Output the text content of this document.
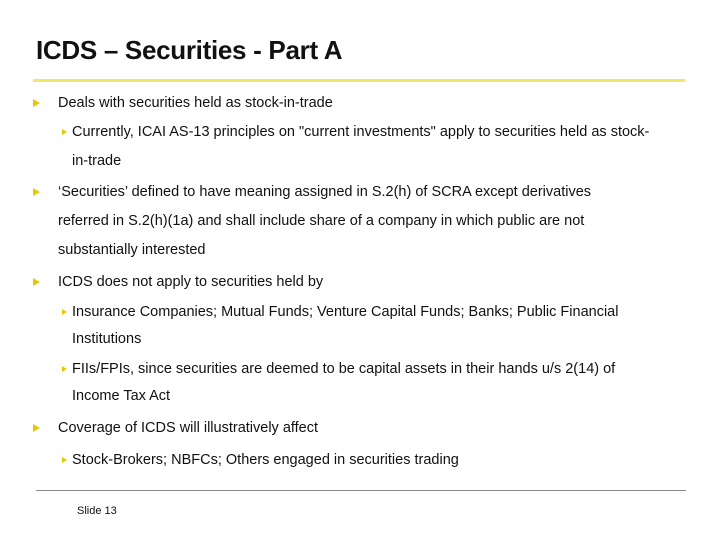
ICDS – Securities - Part A
Deals with securities held as stock-in-trade
Currently, ICAI AS-13 principles on "current investments" apply to securities held as stock-
in-trade
‘Securities’ defined to have meaning assigned in S.2(h) of SCRA except derivatives
referred in S.2(h)(1a) and shall include share of a company in which public are not
substantially interested
ICDS does not apply to securities held by
Insurance Companies; Mutual Funds; Venture Capital Funds; Banks; Public Financial
Institutions
FIIs/FPIs, since securities are deemed to be capital assets in their hands u/s 2(14) of
Income Tax Act
Coverage of ICDS will illustratively affect
Stock-Brokers; NBFCs; Others engaged in securities trading
Slide 13
